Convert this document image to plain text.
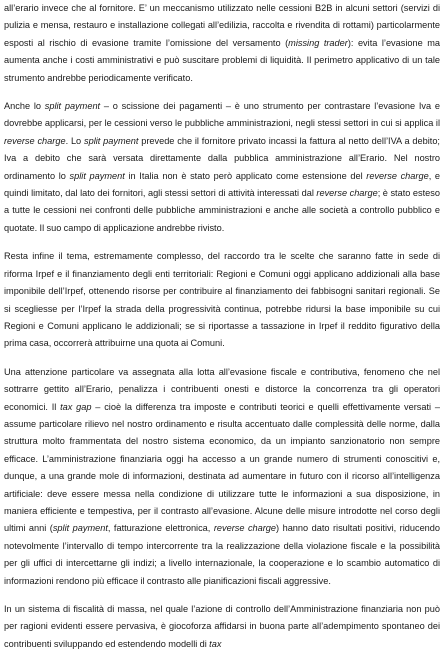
all’erario invece che al fornitore. E’ un meccanismo utilizzato nelle cessioni B2B in alcuni settori (servizi di pulizia e mensa, restauro e installazione collegati all’edilizia, raccolta e rivendita di rottami) particolarmente esposti al rischio di evasione tramite l’omissione del versamento (missing trader): evita l’evasione ma aumenta anche i costi amministrativi e può suscitare problemi di liquidità. Il perimetro applicativo di un tale strumento andrebbe periodicamente verificato.

Anche lo split payment – o scissione dei pagamenti – è uno strumento per contrastare l’evasione Iva e dovrebbe applicarsi, per le cessioni verso le pubbliche amministrazioni, negli stessi settori in cui si applica il reverse charge. Lo split payment prevede che il fornitore privato incassi la fattura al netto dell’IVA a debito; Iva a debito che sarà versata direttamente dalla pubblica amministrazione all’Erario. Nel nostro ordinamento lo split payment in Italia non è stato però applicato come estensione del reverse charge, e quindi limitato, dal lato dei fornitori, agli stessi settori di attività interessati dal reverse charge; è stato esteso a tutte le cessioni nei confronti delle pubbliche amministrazioni e anche alle società a controllo pubblico e quotate. Il suo campo di applicazione andrebbe rivisto.

Resta infine il tema, estremamente complesso, del raccordo tra le scelte che saranno fatte in sede di riforma Irpef e il finanziamento degli enti territoriali: Regioni e Comuni oggi applicano addizionali alla base imponibile dell’Irpef, ottenendo risorse per contribuire al finanziamento dei fabbisogni sanitari regionali. Se si scegliesse per l’Irpef la strada della progressività continua, potrebbe ridursi la base imponibile su cui Regioni e Comuni applicano le addizionali; se si riportasse a tassazione in Irpef il reddito figurativo della prima casa, occorrerà attribuirne una quota ai Comuni.

Una attenzione particolare va assegnata alla lotta all’evasione fiscale e contributiva, fenomeno che nel sottrarre gettito all’Erario, penalizza i contribuenti onesti e distorce la concorrenza tra gli operatori economici. Il tax gap – cioè la differenza tra imposte e contributi teorici e quelli effettivamente versati – assume particolare rilievo nel nostro ordinamento e risulta accentuato dalle complessità delle norme, dalla struttura molto frammentata del nostro sistema economico, da un impianto sanzionatorio non sempre efficace. L’amministrazione finanziaria oggi ha accesso a un grande numero di strumenti conoscitivi e, dunque, a una grande mole di informazioni, destinata ad aumentare in futuro con il ricorso all’intelligenza artificiale: deve essere messa nella condizione di utilizzare tutte le informazioni a sua disposizione, in maniera efficiente e tempestiva, per il contrasto all’evasione. Alcune delle misure introdotte nel corso degli ultimi anni (split payment, fatturazione elettronica, reverse charge) hanno dato risultati positivi, riducendo notevolmente l’intervallo di tempo intercorrente tra la realizzazione della violazione fiscale e la possibilità per gli uffici di intercettarne gli indizi; a livello internazionale, la cooperazione e lo scambio automatico di informazioni rendono più efficace il contrasto alle pianificazioni fiscali aggressive.

In un sistema di fiscalità di massa, nel quale l’azione di controllo dell’Amministrazione finanziaria non può per ragioni evidenti essere pervasiva, è giocoforza affidarsi in buona parte all’adempimento spontaneo dei contribuenti sviluppando ed estendendo modelli di tax
